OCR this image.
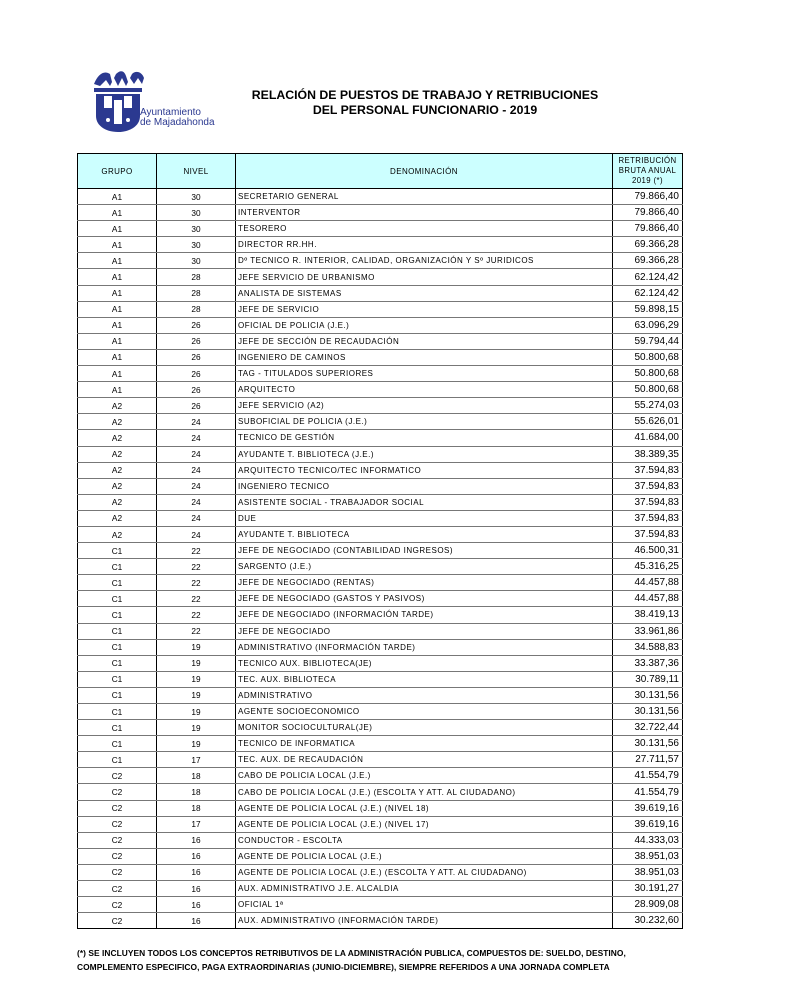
Ayuntamiento
de Majadahonda
RELACIÓN DE PUESTOS DE TRABAJO Y RETRIBUCIONES
DEL PERSONAL FUNCIONARIO - 2019
GRUPO	NIVEL	DENOMINACIÓN	RETRIBUCIÓN
BRUTA ANUAL
2019 (*)

A1	30	SECRETARIO GENERAL	79.866,40
A1	30	INTERVENTOR	79.866,40
A1	30	TESORERO	79.866,40
A1	30	DIRECTOR RR.HH.	69.366,28
A1	30	Dº TECNICO R. INTERIOR, CALIDAD, ORGANIZACIÓN Y Sº JURIDICOS	69.366,28
A1	28	JEFE SERVICIO DE URBANISMO	62.124,42
A1	28	ANALISTA DE SISTEMAS	62.124,42
A1	28	JEFE DE SERVICIO	59.898,15
A1	26	OFICIAL DE POLICIA (J.E.)	63.096,29
A1	26	JEFE DE SECCIÓN DE RECAUDACIÓN	59.794,44
A1	26	INGENIERO DE CAMINOS	50.800,68
A1	26	TAG - TITULADOS SUPERIORES	50.800,68
A1	26	ARQUITECTO	50.800,68
A2	26	JEFE SERVICIO (A2)	55.274,03
A2	24	SUBOFICIAL DE POLICIA (J.E.)	55.626,01
A2	24	TECNICO DE GESTIÓN	41.684,00
A2	24	AYUDANTE T. BIBLIOTECA (J.E.)	38.389,35
A2	24	ARQUITECTO TECNICO/TEC INFORMATICO	37.594,83
A2	24	INGENIERO TECNICO	37.594,83
A2	24	ASISTENTE SOCIAL - TRABAJADOR SOCIAL	37.594,83
A2	24	DUE	37.594,83
A2	24	AYUDANTE T. BIBLIOTECA	37.594,83
C1	22	JEFE DE NEGOCIADO (CONTABILIDAD INGRESOS)	46.500,31
C1	22	SARGENTO (J.E.)	45.316,25
C1	22	JEFE DE NEGOCIADO (RENTAS)	44.457,88
C1	22	JEFE DE NEGOCIADO (GASTOS Y PASIVOS)	44.457,88
C1	22	JEFE DE NEGOCIADO (INFORMACIÓN TARDE)	38.419,13
C1	22	JEFE DE NEGOCIADO	33.961,86
C1	19	ADMINISTRATIVO (INFORMACIÓN TARDE)	34.588,83
C1	19	TECNICO AUX. BIBLIOTECA(JE)	33.387,36
C1	19	TEC. AUX. BIBLIOTECA	30.789,11
C1	19	ADMINISTRATIVO	30.131,56
C1	19	AGENTE SOCIOECONOMICO	30.131,56
C1	19	MONITOR SOCIOCULTURAL(JE)	32.722,44
C1	19	TECNICO DE INFORMATICA	30.131,56
C1	17	TEC. AUX. DE RECAUDACIÓN	27.711,57
C2	18	CABO DE POLICIA LOCAL (J.E.)	41.554,79
C2	18	CABO DE POLICIA LOCAL (J.E.) (ESCOLTA Y ATT. AL CIUDADANO)	41.554,79
C2	18	AGENTE DE POLICIA LOCAL (J.E.) (NIVEL 18)	39.619,16
C2	17	AGENTE DE POLICIA LOCAL (J.E.) (NIVEL 17)	39.619,16
C2	16	CONDUCTOR - ESCOLTA	44.333,03
C2	16	AGENTE DE POLICIA LOCAL (J.E.)	38.951,03
C2	16	AGENTE DE POLICIA LOCAL (J.E.) (ESCOLTA Y ATT. AL CIUDADANO)	38.951,03
C2	16	AUX. ADMINISTRATIVO J.E. ALCALDIA	30.191,27
C2	16	OFICIAL 1ª	28.909,08
C2	16	AUX. ADMINISTRATIVO (INFORMACIÓN TARDE)	30.232,60
(*) SE INCLUYEN TODOS LOS CONCEPTOS RETRIBUTIVOS DE LA ADMINISTRACIÓN PUBLICA, COMPUESTOS DE: SUELDO, DESTINO, COMPLEMENTO ESPECIFICO, PAGA EXTRAORDINARIAS (JUNIO-DICIEMBRE), SIEMPRE REFERIDOS A UNA JORNADA COMPLETA
